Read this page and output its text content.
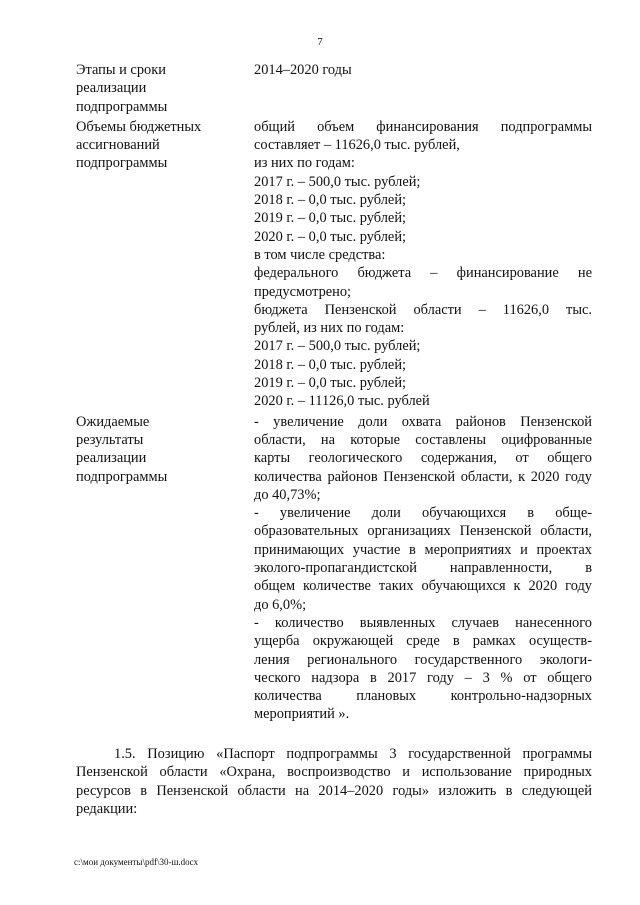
7
Этапы и сроки
реализации
подпрограммы
2014–2020 годы
Объемы бюджетных
ассигнований
подпрограммы
общий объем финансирования подпрограммы
составляет – 11626,0 тыс. рублей,
из них по годам:
2017 г. – 500,0 тыс. рублей;
2018 г. – 0,0 тыс. рублей;
2019 г. – 0,0 тыс. рублей;
2020 г. – 0,0 тыс. рублей;
в том числе средства:
федерального бюджета – финансирование не
предусмотрено;
бюджета Пензенской области – 11626,0 тыс.
рублей, из них по годам:
2017 г. – 500,0 тыс. рублей;
2018 г. – 0,0 тыс. рублей;
2019 г. – 0,0 тыс. рублей;
2020 г. – 11126,0 тыс. рублей
Ожидаемые
результаты
реализации
подпрограммы
- увеличение доли охвата районов Пензенской
области, на которые составлены оцифрованные
карты геологического содержания, от общего
количества районов Пензенской области, к 2020 году
до 40,73%;
- увеличение доли обучающихся в обще-
образовательных организациях Пензенской области,
принимающих участие в мероприятиях и проектах
эколого-пропагандистской направленности, в
общем количестве таких обучающихся к 2020 году
до 6,0%;
- количество выявленных случаев нанесенного
ущерба окружающей среде в рамках осуществ-
ления регионального государственного экологи-
ческого надзора в 2017 году – 3 % от общего
количества плановых контрольно-надзорных
мероприятий ».
1.5. Позицию «Паспорт подпрограммы 3 государственной программы
Пензенской области «Охрана, воспроизводство и использование природных
ресурсов в Пензенской области на 2014–2020 годы» изложить в следующей
редакции:
c:\мои документы\pdf\30-ш.docx
